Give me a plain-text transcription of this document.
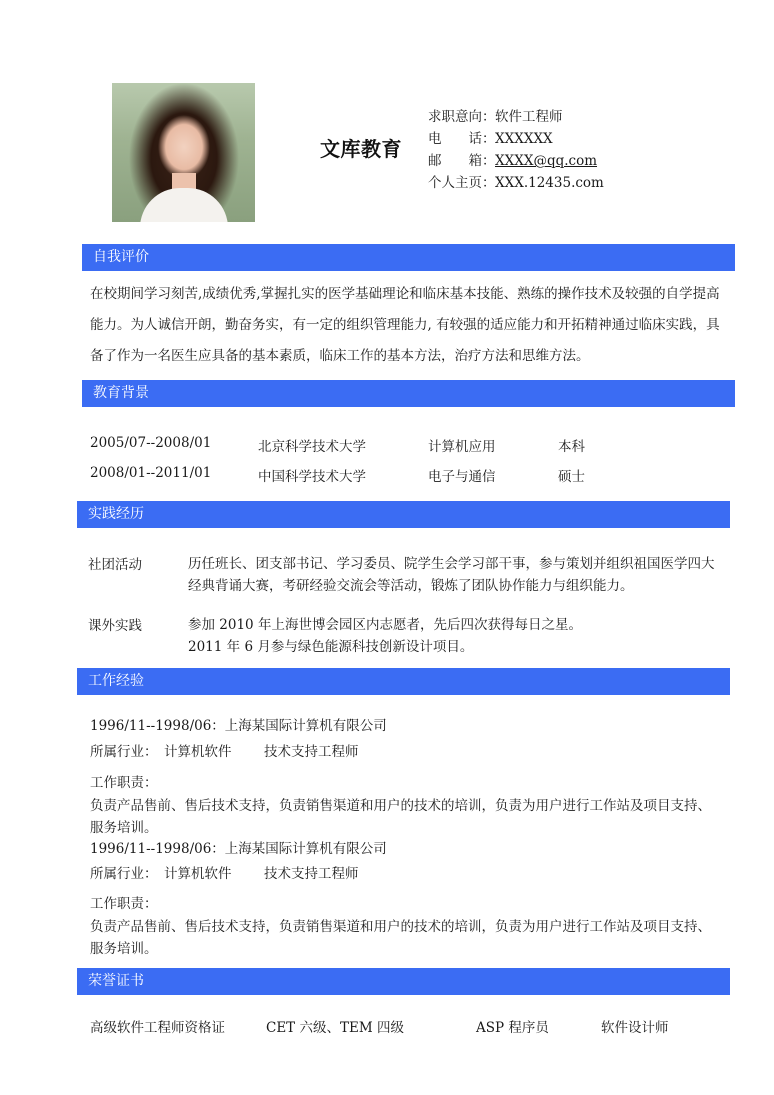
文库教育
求职意向：软件工程师
电　　话：XXXXXX
邮　　箱：XXXX@qq.com
个人主页：XXX.12435.com
自我评价
在校期间学习刻苦,成绩优秀,掌握扎实的医学基础理论和临床基本技能、熟练的操作技术及较强的自学提高
能力。为人诚信开朗，勤奋务实，有一定的组织管理能力, 有较强的适应能力和开拓精神通过临床实践，具
备了作为一名医生应具备的基本素质，临床工作的基本方法，治疗方法和思维方法。
教育背景
2005/07--2008/01	北京科学技术大学	计算机应用	本科
2008/01--2011/01	中国科学技术大学	电子与通信	硕士
实践经历
社团活动	历任班长、团支部书记、学习委员、院学生会学习部干事，参与策划并组织祖国医学四大
经典背诵大赛，考研经验交流会等活动，锻炼了团队协作能力与组织能力。
课外实践	参加 2010 年上海世博会园区内志愿者，先后四次获得每日之星。
2011 年 6 月参与绿色能源科技创新设计项目。
工作经验
1996/11--1998/06：上海某国际计算机有限公司
所属行业： 计算机软件 技术支持工程师
工作职责：
负责产品售前、售后技术支持，负责销售渠道和用户的技术的培训，负责为用户进行工作站及项目支持、
服务培训。
1996/11--1998/06：上海某国际计算机有限公司
所属行业： 计算机软件 技术支持工程师
工作职责：
负责产品售前、售后技术支持，负责销售渠道和用户的技术的培训，负责为用户进行工作站及项目支持、
服务培训。
荣誉证书
高级软件工程师资格证	CET 六级、TEM 四级	ASP 程序员	软件设计师
